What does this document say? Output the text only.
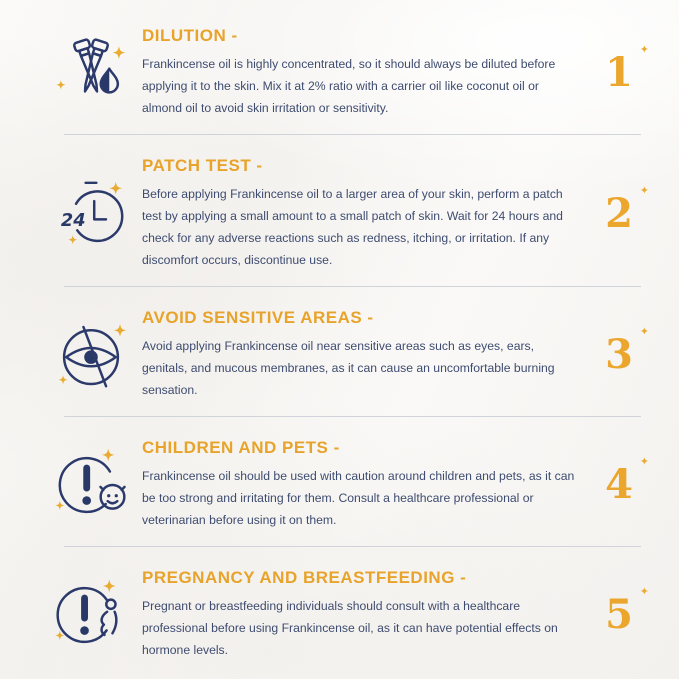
DILUTION -

Frankincense oil is highly concentrated, so it should always be diluted before applying it to the skin. Mix it at 2% ratio with a carrier oil like coconut oil or almond oil to avoid skin irritation or sensitivity.

1 ✦
24
PATCH TEST -

Before applying Frankincense oil to a larger area of your skin, perform a patch test by applying a small amount to a small patch of skin. Wait for 24 hours and check for any adverse reactions such as redness, itching, or irritation. If any discomfort occurs, discontinue use.

2 ✦
AVOID SENSITIVE AREAS -

Avoid applying Frankincense oil near sensitive areas such as eyes, ears, genitals, and mucous membranes, as it can cause an uncomfortable burning sensation.

3 ✦
CHILDREN AND PETS -

Frankincense oil should be used with caution around children and pets, as it can be too strong and irritating for them. Consult a healthcare professional or veterinarian before using it on them.

4 ✦
PREGNANCY AND BREASTFEEDING -

Pregnant or breastfeeding individuals should consult with a healthcare professional before using Frankincense oil, as it can have potential effects on hormone levels.

5 ✦
